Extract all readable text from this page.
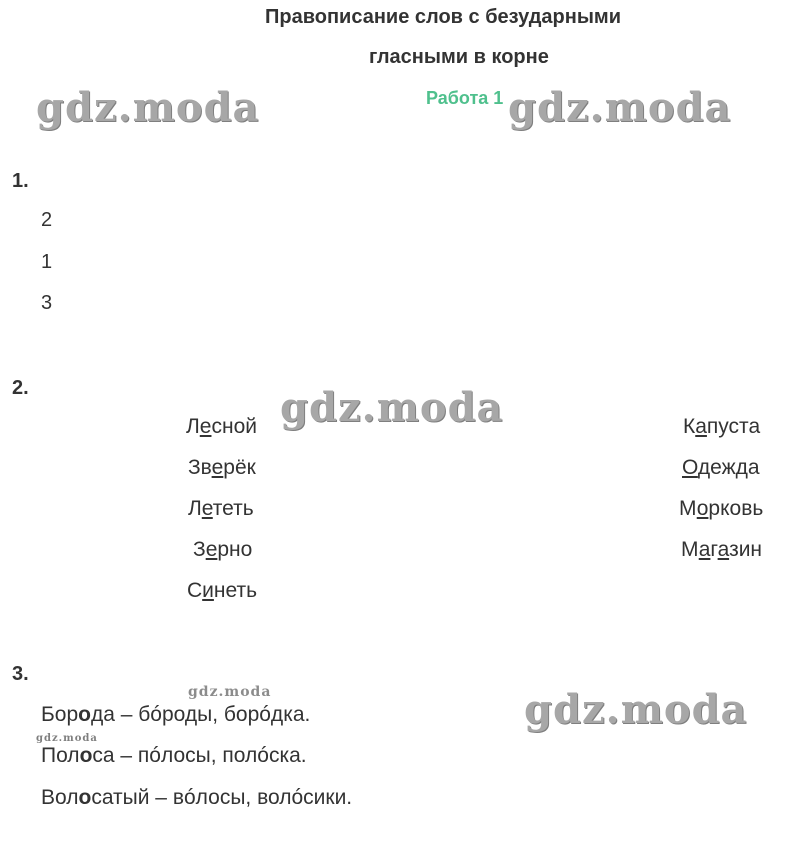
Правописание слов с безударными
гласными в корне
Работа 1
gdz.moda	gdz.moda
gdz.moda
gdz.moda
gdz.moda
gdz.moda
1.
2
1
3
2.
Лесной
Зверёк
Лететь
Зерно
Синеть
Капуста
Одежда
Морковь
Магазин
3.
Борода – бóроды, борóдка.
Полоса – пóлосы, полóска.
Волосатый – вóлосы, волóсики.
